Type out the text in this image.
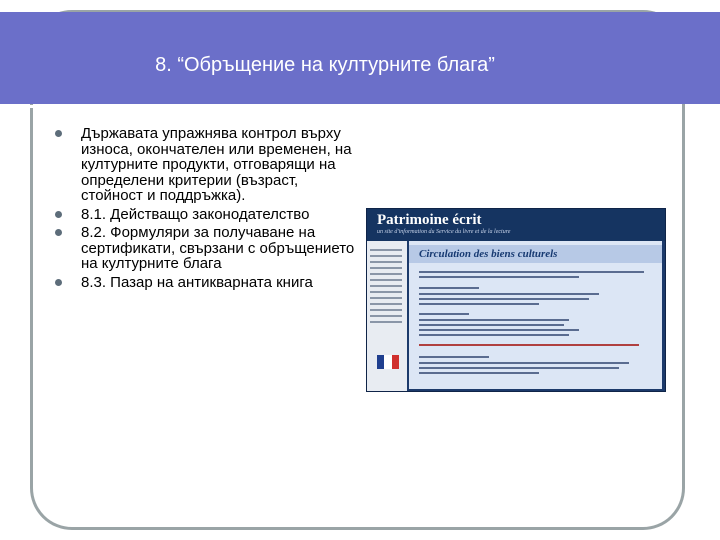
8. “Обръщение на културните блага”
Държавата упражнява контрол върху износа, окончателен или временен, на културните продукти, отговарящи на определени критерии (възраст, стойност и поддръжка).
8.1. Действащо законодателство
8.2. Формуляри за получаване на сертификати, свързани с обръщението на културните блага
8.3. Пазар на антикварната книга
Patrimoine écrit
un site d'information du Service du livre et de la lecture
Circulation des biens culturels
